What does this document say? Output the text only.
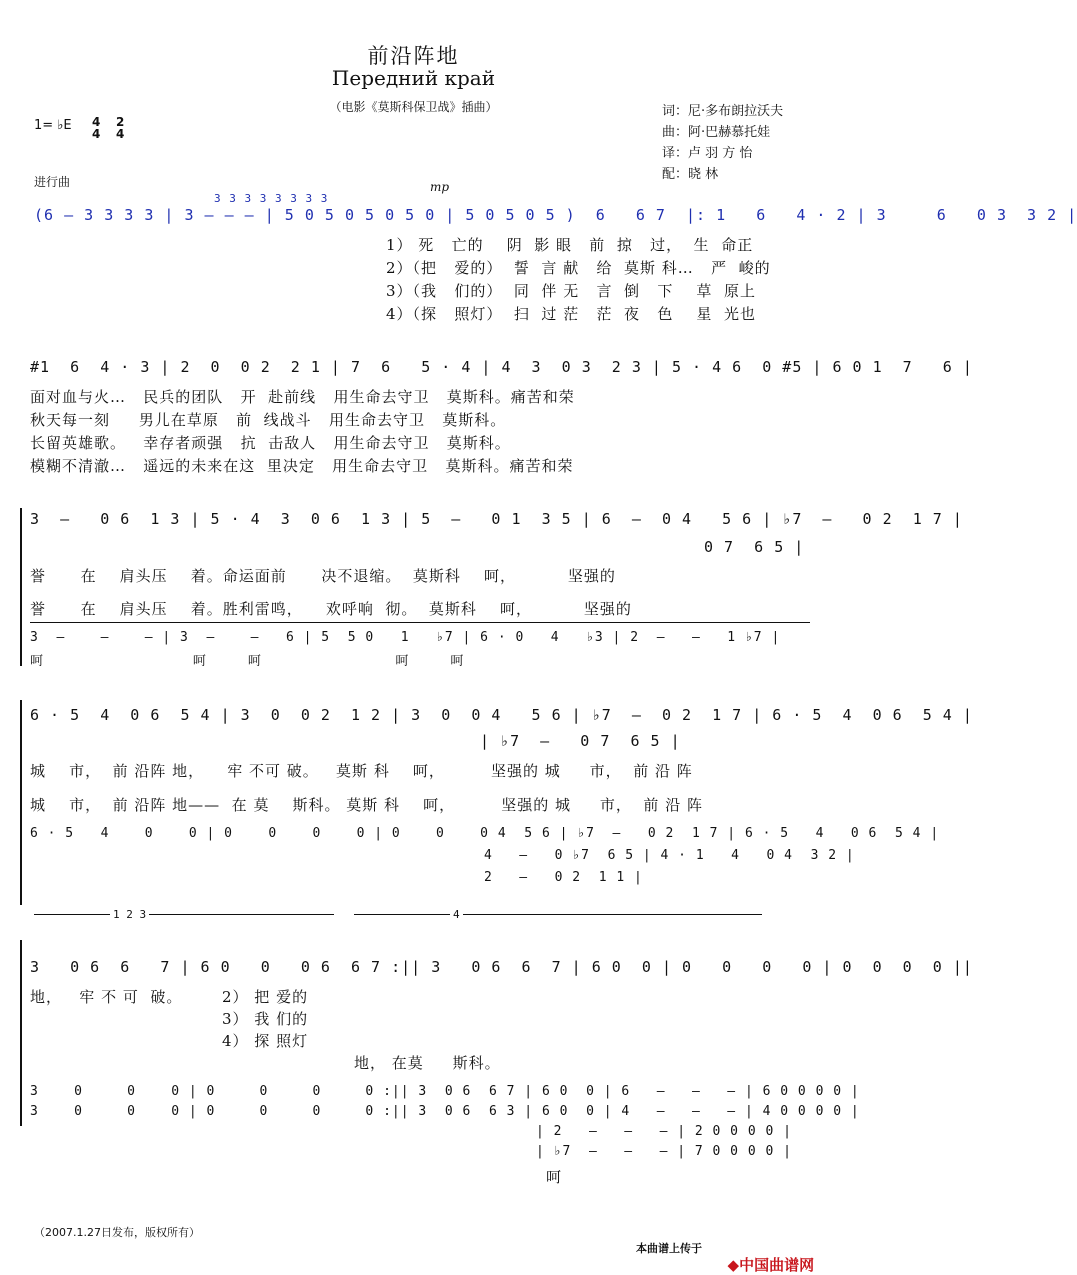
前沿阵地
Передний край
（电影《莫斯科保卫战》插曲）	词：尼·多布朗拉沃夫
曲：阿·巴赫慕托娃
译：卢 羽 方 怡
配：晓 林
1= ♭E 4
4
2
4
进行曲	mp
3 3 3 3 3 3 3 3
(6 – 3 3 3 3 | 3 – – – | 5 0 5 0 5 0 5 0 | 5 0 5 0 5 )  6   6 7  |: 1   6   4 · 2 | 3     6   0 3  3 2 |
1） 死   亡的    阴  影 眼   前  掠   过，  生  命正
2）（把   爱的）  誓  言 献   给  莫斯 科…   严  峻的
3）（我   们的）  同  伴 无   言  倒   下    草  原上
4）（探   照灯）  扫  过 茫   茫  夜   色    星  光也
#1  6  4 · 3 | 2  0  0 2  2 1 | 7  6   5 · 4 | 4  3  0 3  2 3 | 5 · 4 6  0 #5 | 6 0 1  7   6 |
面对血与火…   民兵的团队   开  赴前线   用生命去守卫   莫斯科。痛苦和荣
秋天每一刻     男儿在草原   前  线战斗   用生命去守卫   莫斯科。
长留英雄歌。   幸存者顽强   抗  击敌人   用生命去守卫   莫斯科。
模糊不清澈…   遥远的未来在这  里决定   用生命去守卫   莫斯科。痛苦和荣
3  –   0 6  1 3 | 5 · 4  3  0 6  1 3 | 5  –   0 1  3 5 | 6  –  0 4   5 6 | ♭7  –   0 2  1 7 |
0 7  6 5 |
誉      在    肩头压    着。命运面前      决不退缩。  莫斯科    呵，         坚强的
誉      在    肩头压    着。胜利雷鸣，    欢呼响  彻。  莫斯科    呵，         坚强的
3  –    –    – | 3  –    –   6 | 5  5 0   1   ♭7 | 6 · 0   4   ♭3 | 2  –   –   1 ♭7 |
呵                             呵        呵                          呵        呵
6 · 5  4  0 6  5 4 | 3  0  0 2  1 2 | 3  0  0 4   5 6 | ♭7  –  0 2  1 7 | 6 · 5  4  0 6  5 4 |
| ♭7  –   0 7  6 5 |
城    市，  前 沿阵 地，    牢 不可 破。   莫斯 科    呵，        坚强的 城     市，  前 沿 阵
城    市，  前 沿阵 地——  在 莫    斯科。 莫斯 科    呵，        坚强的 城     市，  前 沿 阵
6 · 5   4    0    0 | 0    0    0    0 | 0    0    0 4  5 6 | ♭7  –   0 2  1 7 | 6 · 5   4   0 6  5 4 |
4   –   0 ♭7  6 5 | 4 · 1   4   0 4  3 2 |
2   –   0 2  1 1 |
1 2 3	4
3   0 6  6   7 | 6 0   0   0 6  6 7 :|| 3   0 6  6  7 | 6 0  0 | 0   0   0   0 | 0  0  0  0 ||
地，   牢 不 可  破。	2） 把 爱的
3） 我 们的
4） 探 照灯
地， 在莫     斯科。
3    0     0    0 | 0     0     0     0 :|| 3  0 6  6 7 | 6 0  0 | 6   –   –   – | 6 0 0 0 0 |
3    0     0    0 | 0     0     0     0 :|| 3  0 6  6 3 | 6 0  0 | 4   –   –   – | 4 0 0 0 0 |
| 2   –   –   – | 2 0 0 0 0 |
| ♭7  –   –   – | 7 0 0 0 0 |
呵
（2007.1.27日发布，版权所有）
本曲谱上传于

◆中国曲谱网
